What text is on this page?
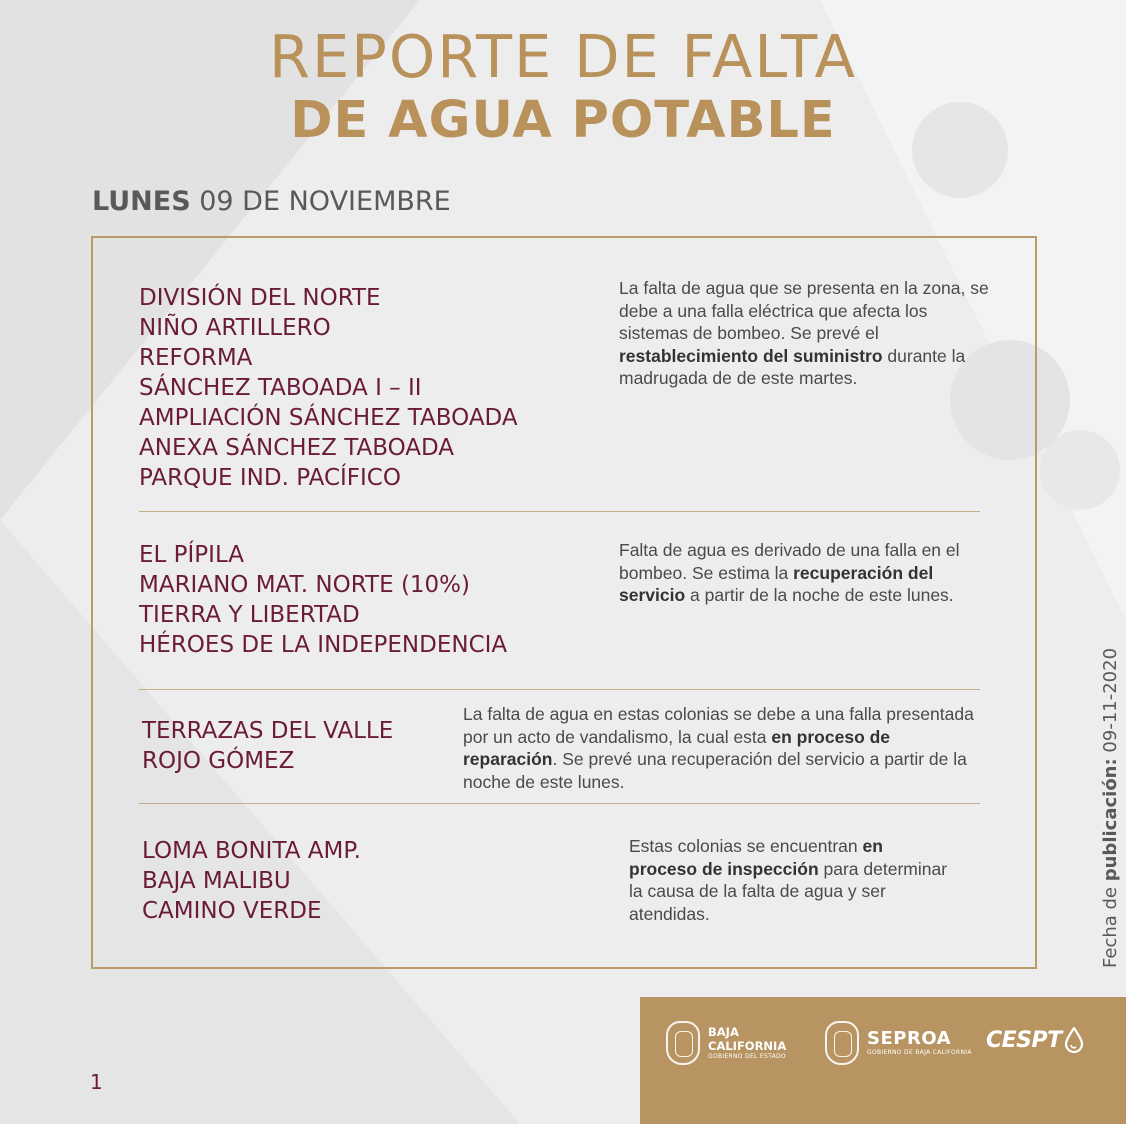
REPORTE DE FALTA
DE AGUA POTABLE
LUNES 09 DE NOVIEMBRE
DIVISIÓN DEL NORTE
NIÑO ARTILLERO
REFORMA
SÁNCHEZ TABOADA I – II
AMPLIACIÓN SÁNCHEZ TABOADA
ANEXA SÁNCHEZ TABOADA
PARQUE IND. PACÍFICO

La falta de agua que se presenta en la zona, se debe a una falla eléctrica que afecta los sistemas de bombeo. Se prevé el restablecimiento del suministro durante la madrugada de de este martes.

EL PÍPILA
MARIANO MAT. NORTE (10%)
TIERRA Y LIBERTAD
HÉROES DE LA INDEPENDENCIA

Falta de agua es derivado de una falla en el bombeo. Se estima la recuperación del servicio a partir de la noche de este lunes.

TERRAZAS DEL VALLE
ROJO GÓMEZ

La falta de agua en estas colonias se debe a una falla presentada por un acto de vandalismo, la cual esta en proceso de reparación. Se prevé una recuperación del servicio a partir de la noche de este lunes.

LOMA BONITA AMP.
BAJA MALIBU
CAMINO VERDE

Estas colonias se encuentran en proceso de inspección para determinar la causa de la falta de agua y ser atendidas.	Fecha de publicación: 09-11-2020
1
BAJA
CALIFORNIA
GOBIERNO DEL ESTADO
SEPROA
GOBIERNO DE BAJA CALIFORNIA CESPT
